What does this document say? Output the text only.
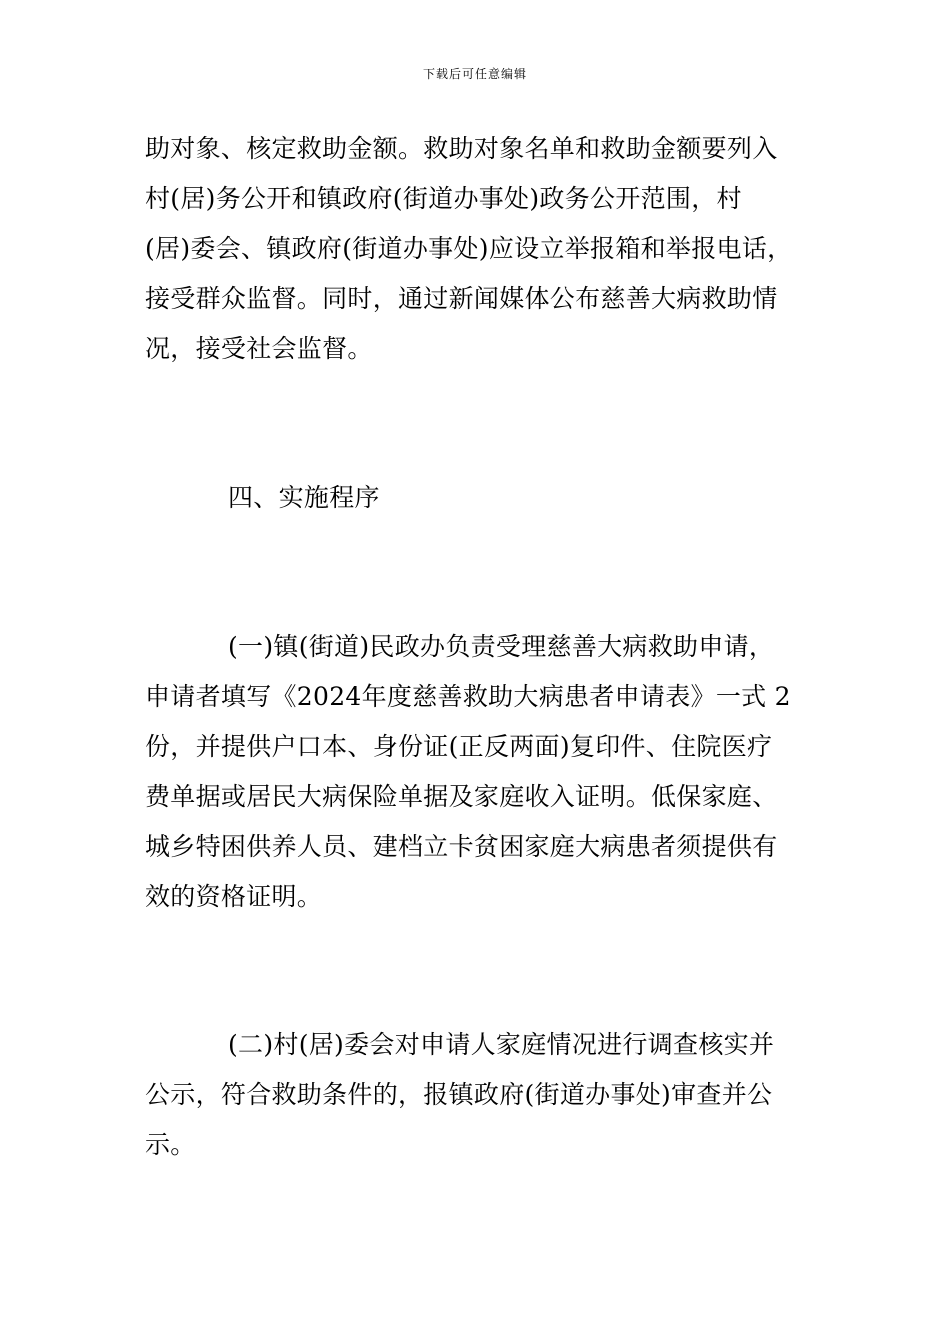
下载后可任意编辑
助对象、核定救助金额。救助对象名单和救助金额要列入
村(居)务公开和镇政府(街道办事处)政务公开范围，村
(居)委会、镇政府(街道办事处)应设立举报箱和举报电话，
接受群众监督。同时，通过新闻媒体公布慈善大病救助情
况，接受社会监督。
四、实施程序
(一)镇(街道)民政办负责受理慈善大病救助申请，
申请者填写《2024年度慈善救助大病患者申请表》一式 2
份，并提供户口本、身份证(正反两面)复印件、住院医疗
费单据或居民大病保险单据及家庭收入证明。低保家庭、
城乡特困供养人员、建档立卡贫困家庭大病患者须提供有
效的资格证明。
(二)村(居)委会对申请人家庭情况进行调查核实并
公示，符合救助条件的，报镇政府(街道办事处)审查并公
示。
